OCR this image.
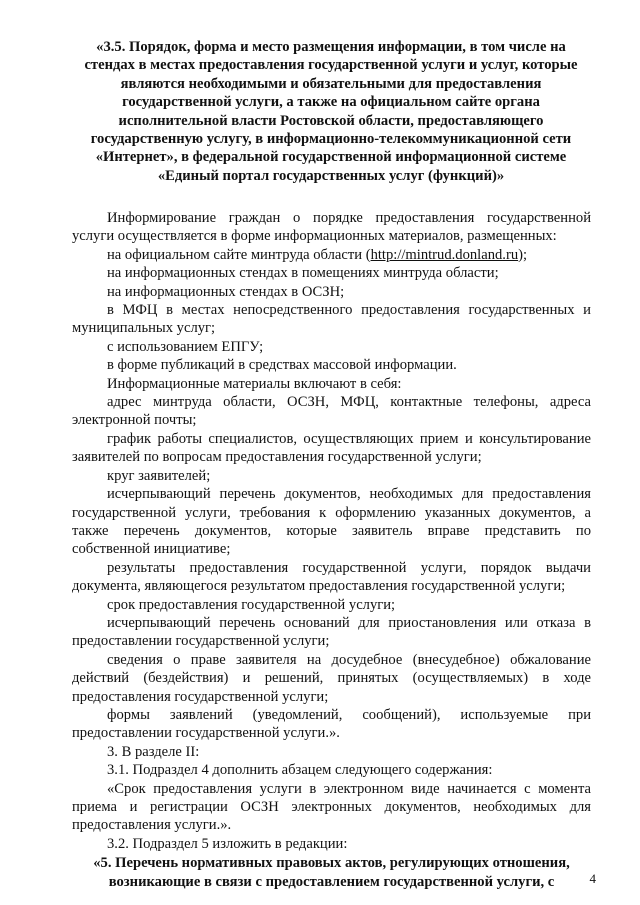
«3.5. Порядок, форма и место размещения информации, в том числе на стендах в местах предоставления государственной услуги и услуг, которые являются необходимыми и обязательными для предоставления государственной услуги, а также на официальном сайте органа исполнительной власти Ростовской области, предоставляющего государственную услугу, в информационно-телекоммуникационной сети «Интернет», в федеральной государственной информационной системе «Единый портал государственных услуг (функций)»

Информирование граждан о порядке предоставления государственной услуги осуществляется в форме информационных материалов, размещенных:

на официальном сайте минтруда области (http://mintrud.donland.ru);

на информационных стендах в помещениях минтруда области;

на информационных стендах в ОСЗН;

в МФЦ в местах непосредственного предоставления государственных и муниципальных услуг;

с использованием ЕПГУ;

в форме публикаций в средствах массовой информации.

Информационные материалы включают в себя:

адрес минтруда области, ОСЗН, МФЦ, контактные телефоны, адреса электронной почты;

график работы специалистов, осуществляющих прием и консультирование заявителей по вопросам предоставления государственной услуги;

круг заявителей;

исчерпывающий перечень документов, необходимых для предоставления государственной услуги, требования к оформлению указанных документов, а также перечень документов, которые заявитель вправе представить по собственной инициативе;

результаты предоставления государственной услуги, порядок выдачи документа, являющегося результатом предоставления государственной услуги;

срок предоставления государственной услуги;

исчерпывающий перечень оснований для приостановления или отказа в предоставлении государственной услуги;

сведения о праве заявителя на досудебное (внесудебное) обжалование действий (бездействия) и решений, принятых (осуществляемых) в ходе предоставления государственной услуги;

формы заявлений (уведомлений, сообщений), используемые при предоставлении государственной услуги.».

3. В разделе II:

3.1. Подраздел 4 дополнить абзацем следующего содержания:

«Срок предоставления услуги в электронном виде начинается с момента приема и регистрации ОСЗН электронных документов, необходимых для предоставления услуги.».

3.2. Подраздел 5 изложить в редакции:

«5. Перечень нормативных правовых актов, регулирующих отношения, возникающие в связи с предоставлением государственной услуги, с	4
